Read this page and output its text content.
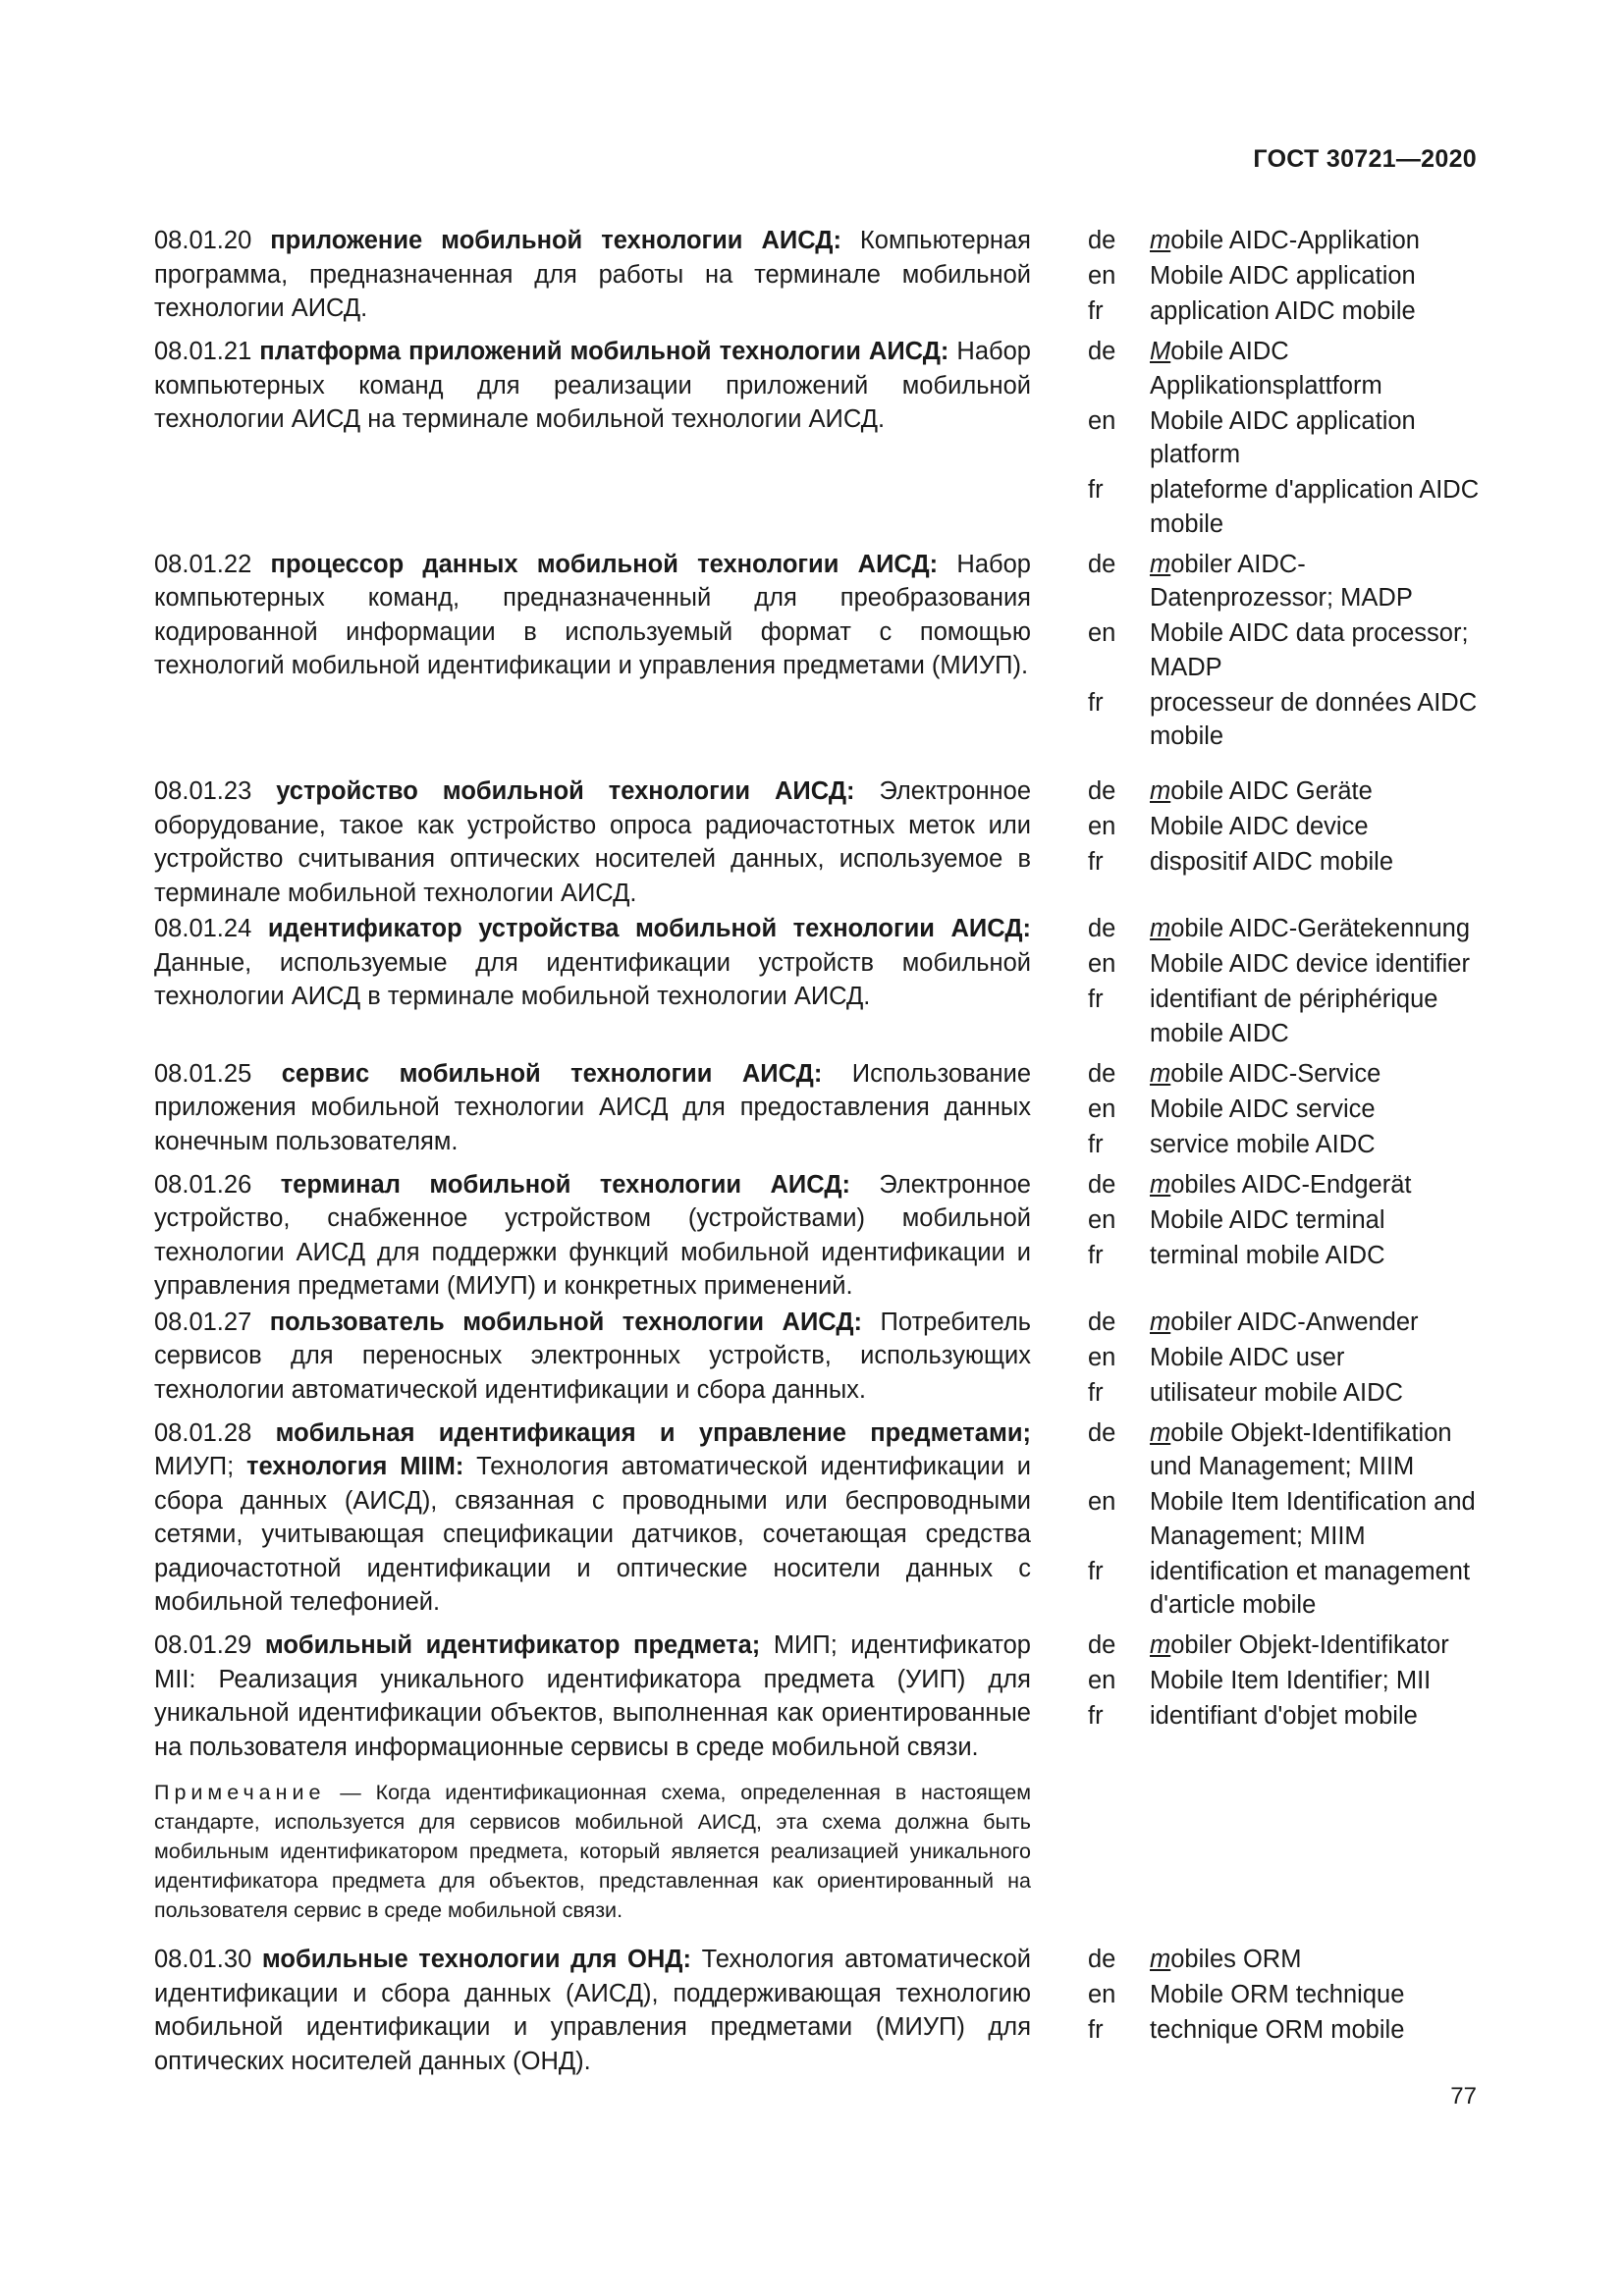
ГОСТ 30721—2020
08.01.20 приложение мобильной технологии АИСД: Компьютерная программа, предназначенная для работы на терминале мобильной технологии АИСД.
de	mobile AIDC-Applikation
en	Mobile AIDC application
fr	application AIDC mobile
08.01.21 платформа приложений мобильной технологии АИСД: Набор компьютерных команд для реализации приложений мобильной технологии АИСД на терминале мобильной технологии АИСД.
de	Mobile AIDC Applikationsplattform
en	Mobile AIDC application platform
fr	plateforme d'application AIDC mobile
08.01.22 процессор данных мобильной технологии АИСД: Набор компьютерных команд, предназначенный для преобразования кодированной информации в используемый формат с помощью технологий мобильной идентификации и управления предметами (МИУП).
de	mobiler AIDC-Datenprozessor; MADP
en	Mobile AIDC data processor; MADP
fr	processeur de données AIDC mobile
08.01.23 устройство мобильной технологии АИСД: Электронное оборудование, такое как устройство опроса радиочастотных меток или устройство считывания оптических носителей данных, используемое в терминале мобильной технологии АИСД.
de	mobile AIDC Geräte
en	Mobile AIDC device
fr	dispositif AIDC mobile
08.01.24 идентификатор устройства мобильной технологии АИСД: Данные, используемые для идентификации устройств мобильной технологии АИСД в терминале мобильной технологии АИСД.
de	mobile AIDC-Gerätekennung
en	Mobile AIDC device identifier
fr	identifiant de périphérique mobile AIDC
08.01.25 сервис мобильной технологии АИСД: Использование приложения мобильной технологии АИСД для предоставления данных конечным пользователям.
de	mobile AIDC-Service
en	Mobile AIDC service
fr	service mobile AIDC
08.01.26 терминал мобильной технологии АИСД: Электронное устройство, снабженное устройством (устройствами) мобильной технологии АИСД для поддержки функций мобильной идентификации и управления предметами (МИУП) и конкретных применений.
de	mobiles AIDC-Endgerät
en	Mobile AIDC terminal
fr	terminal mobile AIDC
08.01.27 пользователь мобильной технологии АИСД: Потребитель сервисов для переносных электронных устройств, использующих технологии автоматической идентификации и сбора данных.
de	mobiler AIDC-Anwender
en	Mobile AIDC user
fr	utilisateur mobile AIDC
08.01.28 мобильная идентификация и управление предметами; МИУП; технология MIIM: Технология автоматической идентификации и сбора данных (АИСД), связанная с проводными или беспроводными сетями, учитывающая спецификации датчиков, сочетающая средства радиочастотной идентификации и оптические носители данных с мобильной телефонией.
de	mobile Objekt-Identifikation und Management; MIIM
en	Mobile Item Identification and Management; MIIM
fr	identification et management d'article mobile
08.01.29 мобильный идентификатор предмета; МИП; идентификатор MII: Реализация уникального идентификатора предмета (УИП) для уникальной идентификации объектов, выполненная как ориентированные на пользователя информационные сервисы в среде мобильной связи.
de	mobiler Objekt-Identifikator
en	Mobile Item Identifier; MII
fr	identifiant d'objet mobile
Примечание — Когда идентификационная схема, определенная в настоящем стандарте, используется для сервисов мобильной АИСД, эта схема должна быть мобильным идентификатором предмета, который является реализацией уникального идентификатора предмета для объектов, представленная как ориентированный на пользователя сервис в среде мобильной связи.
08.01.30 мобильные технологии для ОНД: Технология автоматической идентификации и сбора данных (АИСД), поддерживающая технологию мобильной идентификации и управления предметами (МИУП) для оптических носителей данных (ОНД).
de	mobiles ORM
en	Mobile ORM technique
fr	technique ORM mobile
77
